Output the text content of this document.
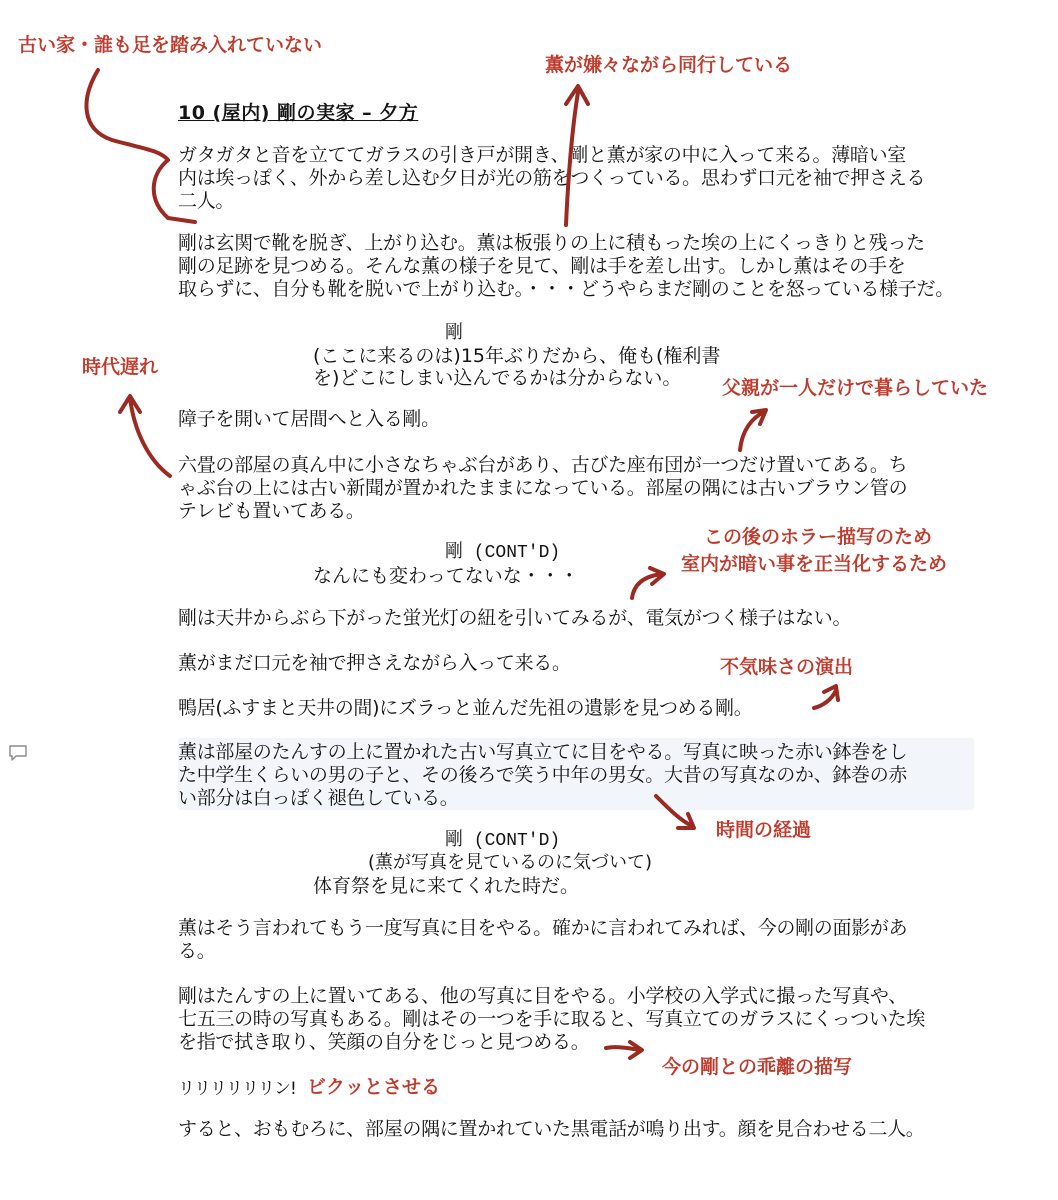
10 (屋内) 剛の実家 – 夕方

ガタガタと音を立ててガラスの引き戸が開き、剛と薫が家の中に入って来る。薄暗い室
内は埃っぽく、外から差し込む夕日が光の筋をつくっている。思わず口元を袖で押さえる
二人。

剛は玄関で靴を脱ぎ、上がり込む。薫は板張りの上に積もった埃の上にくっきりと残った
剛の足跡を見つめる。そんな薫の様子を見て、剛は手を差し出す。しかし薫はその手を
取らずに、自分も靴を脱いで上がり込む。・・・どうやらまだ剛のことを怒っている様子だ。

剛

(ここに来るのは)15年ぶりだから、俺も(権利書
を)どこにしまい込んでるかは分からない。

障子を開いて居間へと入る剛。

六畳の部屋の真ん中に小さなちゃぶ台があり、古びた座布団が一つだけ置いてある。ち
ゃぶ台の上には古い新聞が置かれたままになっている。部屋の隅には古いブラウン管の
テレビも置いてある。

剛 (CONT'D)

なんにも変わってないな・・・

剛は天井からぶら下がった蛍光灯の紐を引いてみるが、電気がつく様子はない。

薫がまだ口元を袖で押さえながら入って来る。

鴨居(ふすまと天井の間)にズラっと並んだ先祖の遺影を見つめる剛。

薫は部屋のたんすの上に置かれた古い写真立てに目をやる。写真に映った赤い鉢巻をし
た中学生くらいの男の子と、その後ろで笑う中年の男女。大昔の写真なのか、鉢巻の赤
い部分は白っぽく褪色している。

剛 (CONT'D)
(薫が写真を見ているのに気づいて)

体育祭を見に来てくれた時だ。

薫はそう言われてもう一度写真に目をやる。確かに言われてみれば、今の剛の面影があ
る。

剛はたんすの上に置いてある、他の写真に目をやる。小学校の入学式に撮った写真や、
七五三の時の写真もある。剛はその一つを手に取ると、写真立てのガラスにくっついた埃
を指で拭き取り、笑顔の自分をじっと見つめる。

リリリリリリン!

すると、おもむろに、部屋の隅に置かれていた黒電話が鳴り出す。顔を見合わせる二人。

古い家・誰も足を踏み入れていない
薫が嫌々ながら同行している
時代遅れ
父親が一人だけで暮らしていた
この後のホラー描写のため
室内が暗い事を正当化するため
不気味さの演出
時間の経過
今の剛との乖離の描写
ビクッとさせる
